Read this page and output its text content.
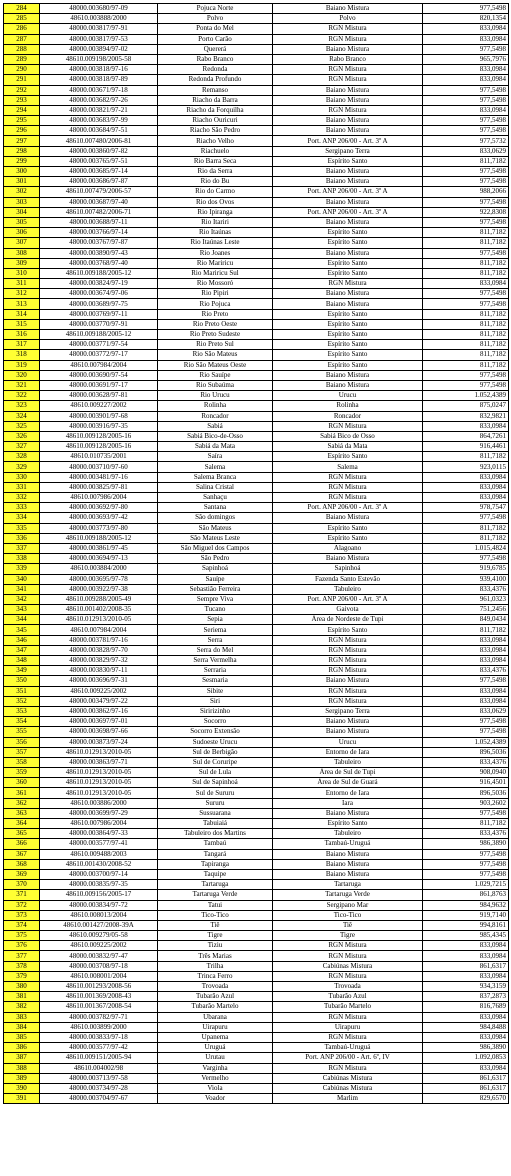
284	48000.003680/97-09	Pojuca Norte	Baiano Mistura	977,5498
285	48610.003888/2000	Polvo	Polvo	820,1354
286	48000.003817/97-91	Ponta do Mel	RGN Mistura	833,0984
287	48000.003817/97-53	Porto Carão	RGN Mistura	833,0984
288	48000.003894/97-02	Quererá	Baiano Mistura	977,5498
289	48610.009198/2005-58	Rabo Branco	Rabo Branco	965,7976
290	48000.003818/97-16	Redonda	RGN Mistura	833,0984
291	48000.003818/97-89	Redonda Profundo	RGN Mistura	833,0984
292	48000.003671/97-18	Remanso	Baiano Mistura	977,5498
293	48000.003682/97-26	Riacho da Barra	Baiano Mistura	977,5498
294	48000.003821/97-21	Riacho da Forquilha	RGN Mistura	833,0984
295	48000.003683/97-99	Riacho Ouricuri	Baiano Mistura	977,5498
296	48000.003684/97-51	Riacho São Pedro	Baiano Mistura	977,5498
297	48610.007480/2006-81	Riacho Velho	Port. ANP 206/00 - Art. 3º A	977,5732
298	48000.003860/97-82	Riachuelo	Sergipano Terra	833,0629
299	48000.003765/97-51	Rio Barra Seca	Espírito Santo	811,7182
300	48000.003685/97-14	Rio da Serra	Baiano Mistura	977,5498
301	48000.003686/97-87	Rio do Bu	Baiano Mistura	977,5498
302	48610.007479/2006-57	Rio do Carmo	Port. ANP 206/00 - Art. 3º A	988,2066
303	48000.003687/97-40	Rio dos Ovos	Baiano Mistura	977,5498
304	48610.007482/2006-71	Rio Ipiranga	Port. ANP 206/00 - Art. 3º A	922,8308
305	48000.003688/97-11	Rio Itariri	Baiano Mistura	977,5498
306	48000.003766/97-14	Rio Itaúnas	Espírito Santo	811,7182
307	48000.003767/97-87	Rio Itaúnas Leste	Espírito Santo	811,7182
308	48000.003890/97-43	Rio Joanes	Baiano Mistura	977,5498
309	48000.003768/97-40	Rio Mariricu	Espírito Santo	811,7182
310	48610.009188/2005-12	Rio Mariricu Sul	Espírito Santo	811,7182
311	48000.003824/97-19	Rio Mossoró	RGN Mistura	833,0984
312	48000.003674/97-06	Rio Pipiri	Baiano Mistura	977,5498
313	48000.003689/97-75	Rio Pojuca	Baiano Mistura	977,5498
314	48000.003769/97-11	Rio Preto	Espírito Santo	811,7182
315	48000.003770/97-91	Rio Preto Oeste	Espírito Santo	811,7182
316	48610.009188/2005-12	Rio Preto Sudeste	Espírito Santo	811,7182
317	48000.003771/97-54	Rio Preto Sul	Espírito Santo	811,7182
318	48000.003772/97-17	Rio São Mateus	Espírito Santo	811,7182
319	48610.007984/2004	Rio São Mateus Oeste	Espírito Santo	811,7182
320	48000.003690/97-54	Rio Sauípe	Baiano Mistura	977,5498
321	48000.003691/97-17	Rio Subaúma	Baiano Mistura	977,5498
322	48000.003628/97-81	Rio Urucu	Urucu	1.052,4389
323	48610.009227/2002	Rolinha	Rolinha	875,0247
324	48000.003901/97-68	Roncador	Roncador	832,9821
325	48000.003916/97-35	Sabiá	RGN Mistura	833,0984
326	48610.009128/2005-16	Sabiá Bico-de-Osso	Sabiá Bico de Osso	864,7261
327	48610.009128/2005-16	Sabiá da Mata	Sabiá da Mata	916,4461
328	48610.010735/2001	Saíra	Espírito Santo	811,7182
329	48000.003710/97-60	Salema	Salema	923,0115
330	48000.003481/97-16	Salema Branca	RGN Mistura	833,0984
331	48000.003825/97-81	Salina Cristal	RGN Mistura	833,0984
332	48610.007986/2004	Sanhaçu	RGN Mistura	833,0984
333	48000.003692/97-80	Santana	Port. ANP 206/00 - Art. 3º A	978,7547
334	48000.003693/97-42	São domingos	Baiano Mistura	977,5498
335	48000.003773/97-80	São Mateus	Espírito Santo	811,7182
336	48610.009188/2005-12	São Mateus Leste	Espírito Santo	811,7182
337	48000.003861/97-45	São Miguel dos Campos	Alagoano	1.015,4824
338	48000.003694/97-13	São Pedro	Baiano Mistura	977,5498
339	48610.003884/2000	Sapinhoá	Sapinhoá	919,6785
340	48000.003695/97-78	Sauípe	Fazenda Santo Estevão	939,4100
341	48000.003922/97-38	Sebastião Ferreira	Tabuleiro	833,4376
342	48610.009288/2005-49	Sempre Viva	Port. ANP 206/00 - Art. 3º A	961,0323
343	48610.001402/2008-35	Tucano	Gaivota	751,2456
344	48610.012913/2010-05	Sepia	Área de Nordeste de Tupi	849,0434
345	48610.007984/2004	Seriema	Espírito Santo	811,7182
346	48000.003781/97-16	Serra	RGN Mistura	833,0984
347	48000.003828/97-70	Serra do Mel	RGN Mistura	833,0984
348	48000.003829/97-32	Serra Vermelha	RGN Mistura	833,0984
349	48000.003830/97-11	Serraria	RGN Mistura	833,4376
350	48000.003696/97-31	Sesmaria	Baiano Mistura	977,5498
351	48610.009225/2002	Sibite	RGN Mistura	833,0984
352	48000.003479/97-22	Siri	RGN Mistura	833,0984
353	48000.003862/97-16	Siririzinho	Sergipano Terra	833,0629
354	48000.003697/97-01	Socorro	Baiano Mistura	977,5498
355	48000.003698/97-66	Socorro Extensão	Baiano Mistura	977,5498
356	48000.003873/97-24	Sudoeste Urucu	Urucu	1.052,4389
357	48610.012913/2010-05	Sul de Berbigão	Entorno de Iara	896,5036
358	48000.003863/97-71	Sul de Coruripe	Tabuleiro	833,4376
359	48610.012913/2010-05	Sul de Lula	Área de Sul de Tupi	908,0940
360	48610.012913/2010-05	Sul de Sapinhoá	Área de Sul de Guará	916,4501
361	48610.012913/2010-05	Sul de Sururu	Entorno de Iara	896,5036
362	48610.003886/2000	Sururu	Iara	903,2602
363	48000.003699/97-29	Sussuarana	Baiano Mistura	977,5498
364	48610.007986/2004	Tabuiaiá	Espírito Santo	811,7182
365	48000.003864/97-33	Tabuleiro dos Martins	Tabuleiro	833,4376
366	48000.003577/97-41	Tambaú	Tambaú-Uruguá	986,3890
367	48610.009488/2003	Tangará	Baiano Mistura	977,5498
368	48610.001430/2008-52	Tapiranga	Baiano Mistura	977,5498
369	48000.003700/97-14	Taquipe	Baiano Mistura	977,5498
370	48000.003835/97-35	Tartaruga	Tartaruga	1.029,7215
371	48610.009156/2005-17	Tartaruga Verde	Tartaruga Verde	861,8763
372	48000.003834/97-72	Tatui	Sergipano Mar	984,9632
373	48610.008013/2004	Tico-Tico	Tico-Tico	919,7140
374	48610.001427/2008-39A	Tiê	Tiê	994,8161
375	48610.009279/05-58	Tigre	Tigre	985,4345
376	48610.009225/2002	Tiziu	RGN Mistura	833,0984
377	48000.003832/97-47	Três Marias	RGN Mistura	833,0984
378	48000.003708/97-18	Trilha	Cabiúnas Mistura	861,6317
379	48610.008001/2004	Trinca Ferro	RGN Mistura	833,0984
380	48610.001293/2008-56	Trovoada	Trovoada	934,3159
381	48610.001369/2008-43	Tubarão Azul	Tubarão Azul	837,2873
382	48610.001367/2008-54	Tubarão Martelo	Tubarão Martelo	816,7689
383	48000.003782/97-71	Ubarana	RGN Mistura	833,0984
384	48610.003899/2000	Uirapuru	Uirapuru	984,8488
385	48000.003833/97-18	Upanema	RGN Mistura	833,0984
386	48000.003577/97-42	Uruguá	Tambaú-Uruguá	986,3890
387	48610.009151/2005-94	Urutau	Port. ANP 206/00 - Art. 6º, IV	1.092,0853
388	48610.004002/98	Varginha	RGN Mistura	833,0984
389	48000.003713/97-58	Vermelho	Cabiúnas Mistura	861,6317
390	48000.003734/97-28	Viola	Cabiúnas Mistura	861,6317
391	48000.003704/97-67	Voador	Marlim	829,6570
